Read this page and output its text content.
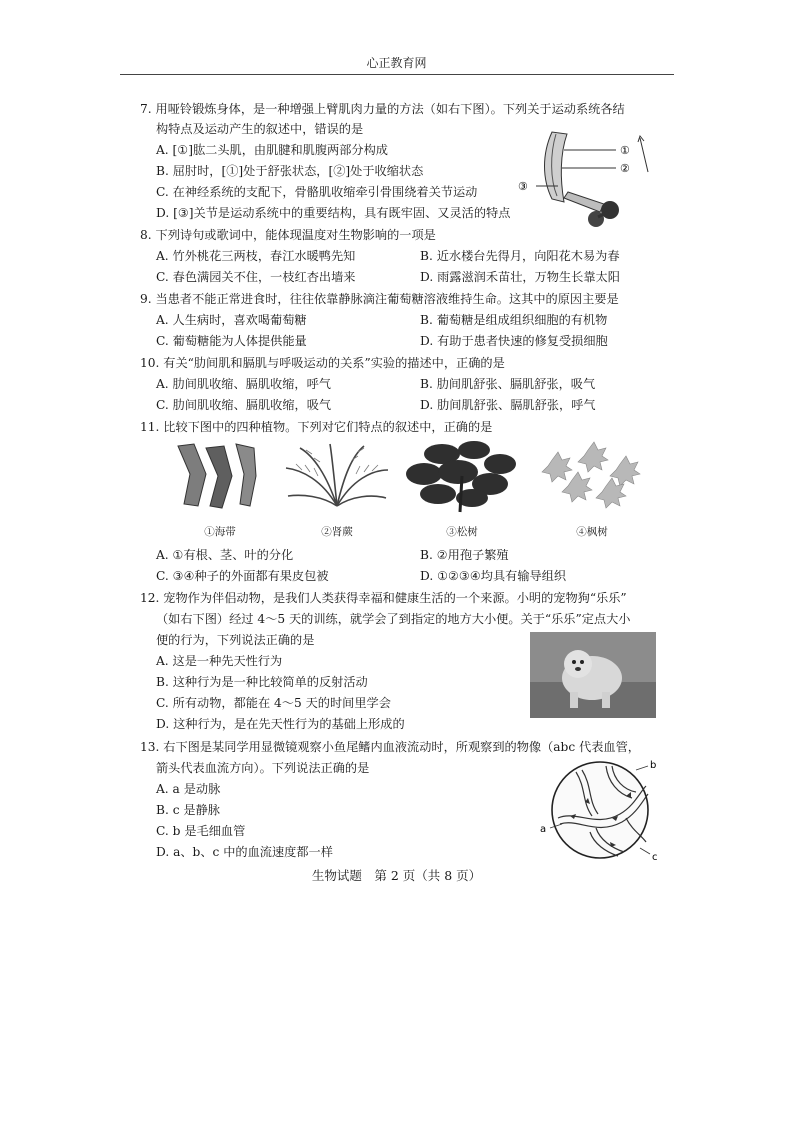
心正教育网
7. 用哑铃锻炼身体，是一种增强上臂肌肉力量的方法（如右下图）。下列关于运动系统各结
构特点及运动产生的叙述中，错误的是
A. [①]肱二头肌，由肌腱和肌腹两部分构成
B. 屈肘时，[①]处于舒张状态，[②]处于收缩状态
C. 在神经系统的支配下，骨骼肌收缩牵引骨围绕着关节运动
D. [③]关节是运动系统中的重要结构，具有既牢固、又灵活的特点
①
②
③
8. 下列诗句或歌词中，能体现温度对生物影响的一项是
A. 竹外桃花三两枝，春江水暖鸭先知	B. 近水楼台先得月，向阳花木易为春
C. 春色满园关不住，一枝红杏出墙来	D. 雨露滋润禾苗壮，万物生长靠太阳
9. 当患者不能正常进食时，往往依靠静脉滴注葡萄糖溶液维持生命。这其中的原因主要是
A. 人生病时，喜欢喝葡萄糖	B. 葡萄糖是组成组织细胞的有机物
C. 葡萄糖能为人体提供能量	D. 有助于患者快速的修复受损细胞
10. 有关“肋间肌和膈肌与呼吸运动的关系”实验的描述中，正确的是
A. 肋间肌收缩、膈肌收缩，呼气	B. 肋间肌舒张、膈肌舒张，吸气
C. 肋间肌收缩、膈肌收缩，吸气	D. 肋间肌舒张、膈肌舒张，呼气
11. 比较下图中的四种植物。下列对它们特点的叙述中，正确的是
①海带	②肾蕨	③松树	④枫树
A. ①有根、茎、叶的分化	B. ②用孢子繁殖
C. ③④种子的外面都有果皮包被	D. ①②③④均具有输导组织
12. 宠物作为伴侣动物，是我们人类获得幸福和健康生活的一个来源。小明的宠物狗“乐乐”
（如右下图）经过 4～5 天的训练，就学会了到指定的地方大小便。关于“乐乐”定点大小
便的行为，下列说法正确的是
A. 这是一种先天性行为
B. 这种行为是一种比较简单的反射活动
C. 所有动物，都能在 4～5 天的时间里学会
D. 这种行为，是在先天性行为的基础上形成的
13. 右下图是某同学用显微镜观察小鱼尾鳍内血液流动时，所观察到的物像（abc 代表血管，
箭头代表血流方向）。下列说法正确的是
A. a 是动脉
B. c 是静脉
C. b 是毛细血管
D. a、b、c 中的血流速度都一样
a
b
c
生物试题　第 2 页（共 8 页）
